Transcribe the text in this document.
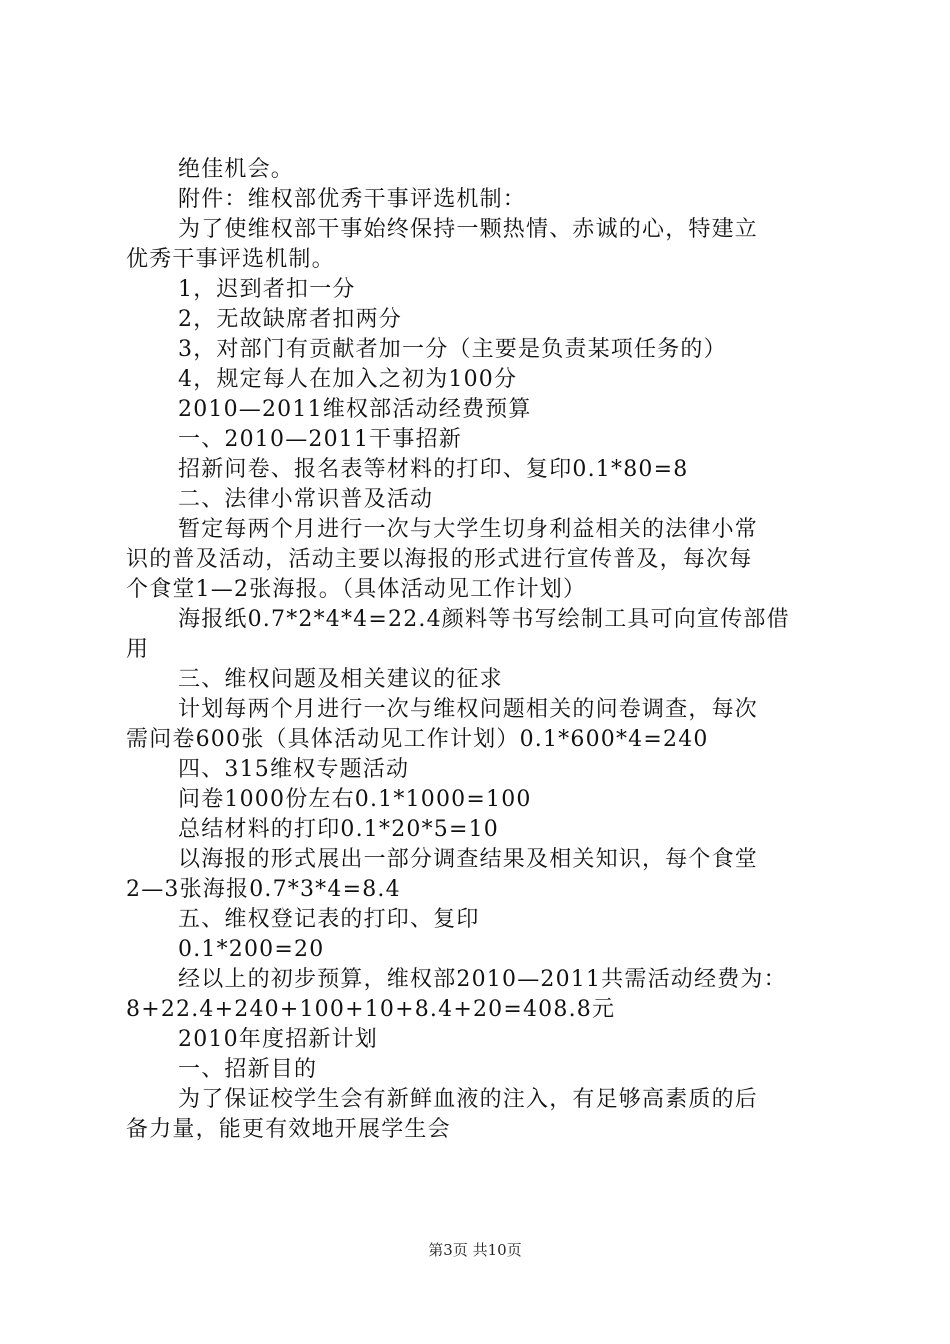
绝佳机会。
附件：维权部优秀干事评选机制：
为了使维权部干事始终保持一颗热情、赤诚的心，特建立
优秀干事评选机制。
1，迟到者扣一分
2，无故缺席者扣两分
3，对部门有贡献者加一分（主要是负责某项任务的）
4，规定每人在加入之初为100分
2010—2011维权部活动经费预算
一、2010—2011干事招新
招新问卷、报名表等材料的打印、复印0.1*80=8
二、法律小常识普及活动
暂定每两个月进行一次与大学生切身利益相关的法律小常
识的普及活动，活动主要以海报的形式进行宣传普及，每次每
个食堂1—2张海报。（具体活动见工作计划）
海报纸0.7*2*4*4=22.4颜料等书写绘制工具可向宣传部借
用
三、维权问题及相关建议的征求
计划每两个月进行一次与维权问题相关的问卷调查，每次
需问卷600张（具体活动见工作计划）0.1*600*4=240
四、315维权专题活动
问卷1000份左右0.1*1000=100
总结材料的打印0.1*20*5=10
以海报的形式展出一部分调查结果及相关知识，每个食堂
2—3张海报0.7*3*4=8.4
五、维权登记表的打印、复印
0.1*200=20
经以上的初步预算，维权部2010—2011共需活动经费为：
8+22.4+240+100+10+8.4+20=408.8元
2010年度招新计划
一、招新目的
为了保证校学生会有新鲜血液的注入，有足够高素质的后
备力量，能更有效地开展学生会
第3页 共10页
